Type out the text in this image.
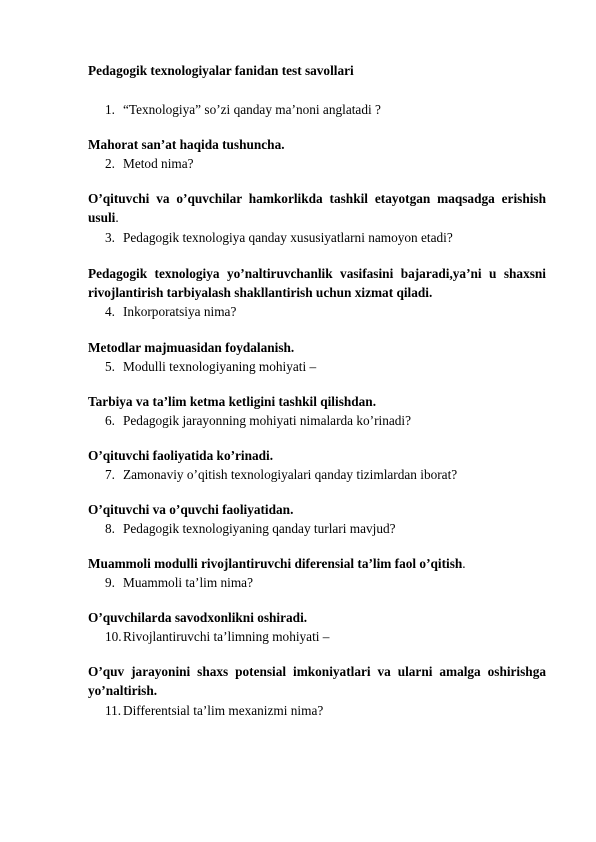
Pedagogik texnologiyalar fanidan test savollari
1. “Texnologiya” so’zi qanday ma’noni anglatadi ?
Mahorat san’at haqida tushuncha.
2. Metod nima?
O’qituvchi va o’quvchilar hamkorlikda tashkil etayotgan maqsadga erishish usuli.
3. Pedagogik texnologiya qanday xususiyatlarni namoyon etadi?
Pedagogik texnologiya yo’naltiruvchanlik vasifasini bajaradi,ya’ni u shaxsni rivojlantirish tarbiyalash shakllantirish uchun xizmat qiladi.
4. Inkorporatsiya nima?
Metodlar majmuasidan foydalanish.
5. Modulli texnologiyaning mohiyati –
Tarbiya va ta’lim ketma ketligini tashkil qilishdan.
6. Pedagogik jarayonning mohiyati nimalarda ko’rinadi?
O’qituvchi faoliyatida ko’rinadi.
7. Zamonaviy o’qitish texnologiyalari qanday tizimlardan iborat?
O’qituvchi va o’quvchi faoliyatidan.
8. Pedagogik texnologiyaning qanday turlari mavjud?
Muammoli modulli rivojlantiruvchi diferensial ta’lim faol o’qitish.
9. Muammoli ta’lim nima?
O’quvchilarda savodxonlikni oshiradi.
10.Rivojlantiruvchi ta’limning mohiyati –
O’quv jarayonini shaxs potensial imkoniyatlari va ularni amalga oshirishga yo’naltirish.
11. Differentsial ta’lim mexanizmi nima?
